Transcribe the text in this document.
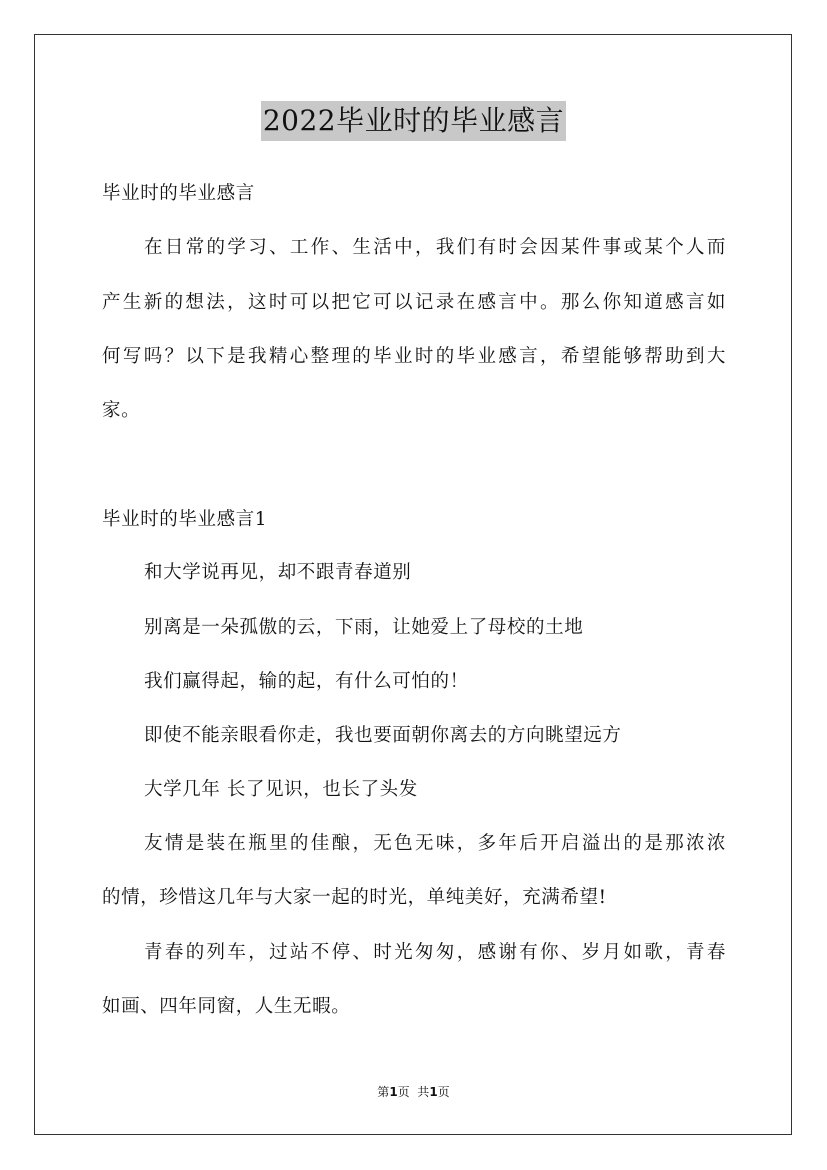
2022毕业时的毕业感言
毕业时的毕业感言
在日常的学习、工作、生活中，我们有时会因某件事或某个人而
产生新的想法，这时可以把它可以记录在感言中。那么你知道感言如
何写吗？以下是我精心整理的毕业时的毕业感言，希望能够帮助到大
家。
毕业时的毕业感言1
和大学说再见，却不跟青春道别
别离是一朵孤傲的云，下雨，让她爱上了母校的土地
我们赢得起，输的起，有什么可怕的！
即使不能亲眼看你走，我也要面朝你离去的方向眺望远方
大学几年 长了见识，也长了头发
友情是装在瓶里的佳酿，无色无味，多年后开启溢出的是那浓浓
的情，珍惜这几年与大家一起的时光，单纯美好，充满希望!
青春的列车，过站不停、时光匆匆，感谢有你、岁月如歌，青春
如画、四年同窗，人生无暇。
第1页  共1页
